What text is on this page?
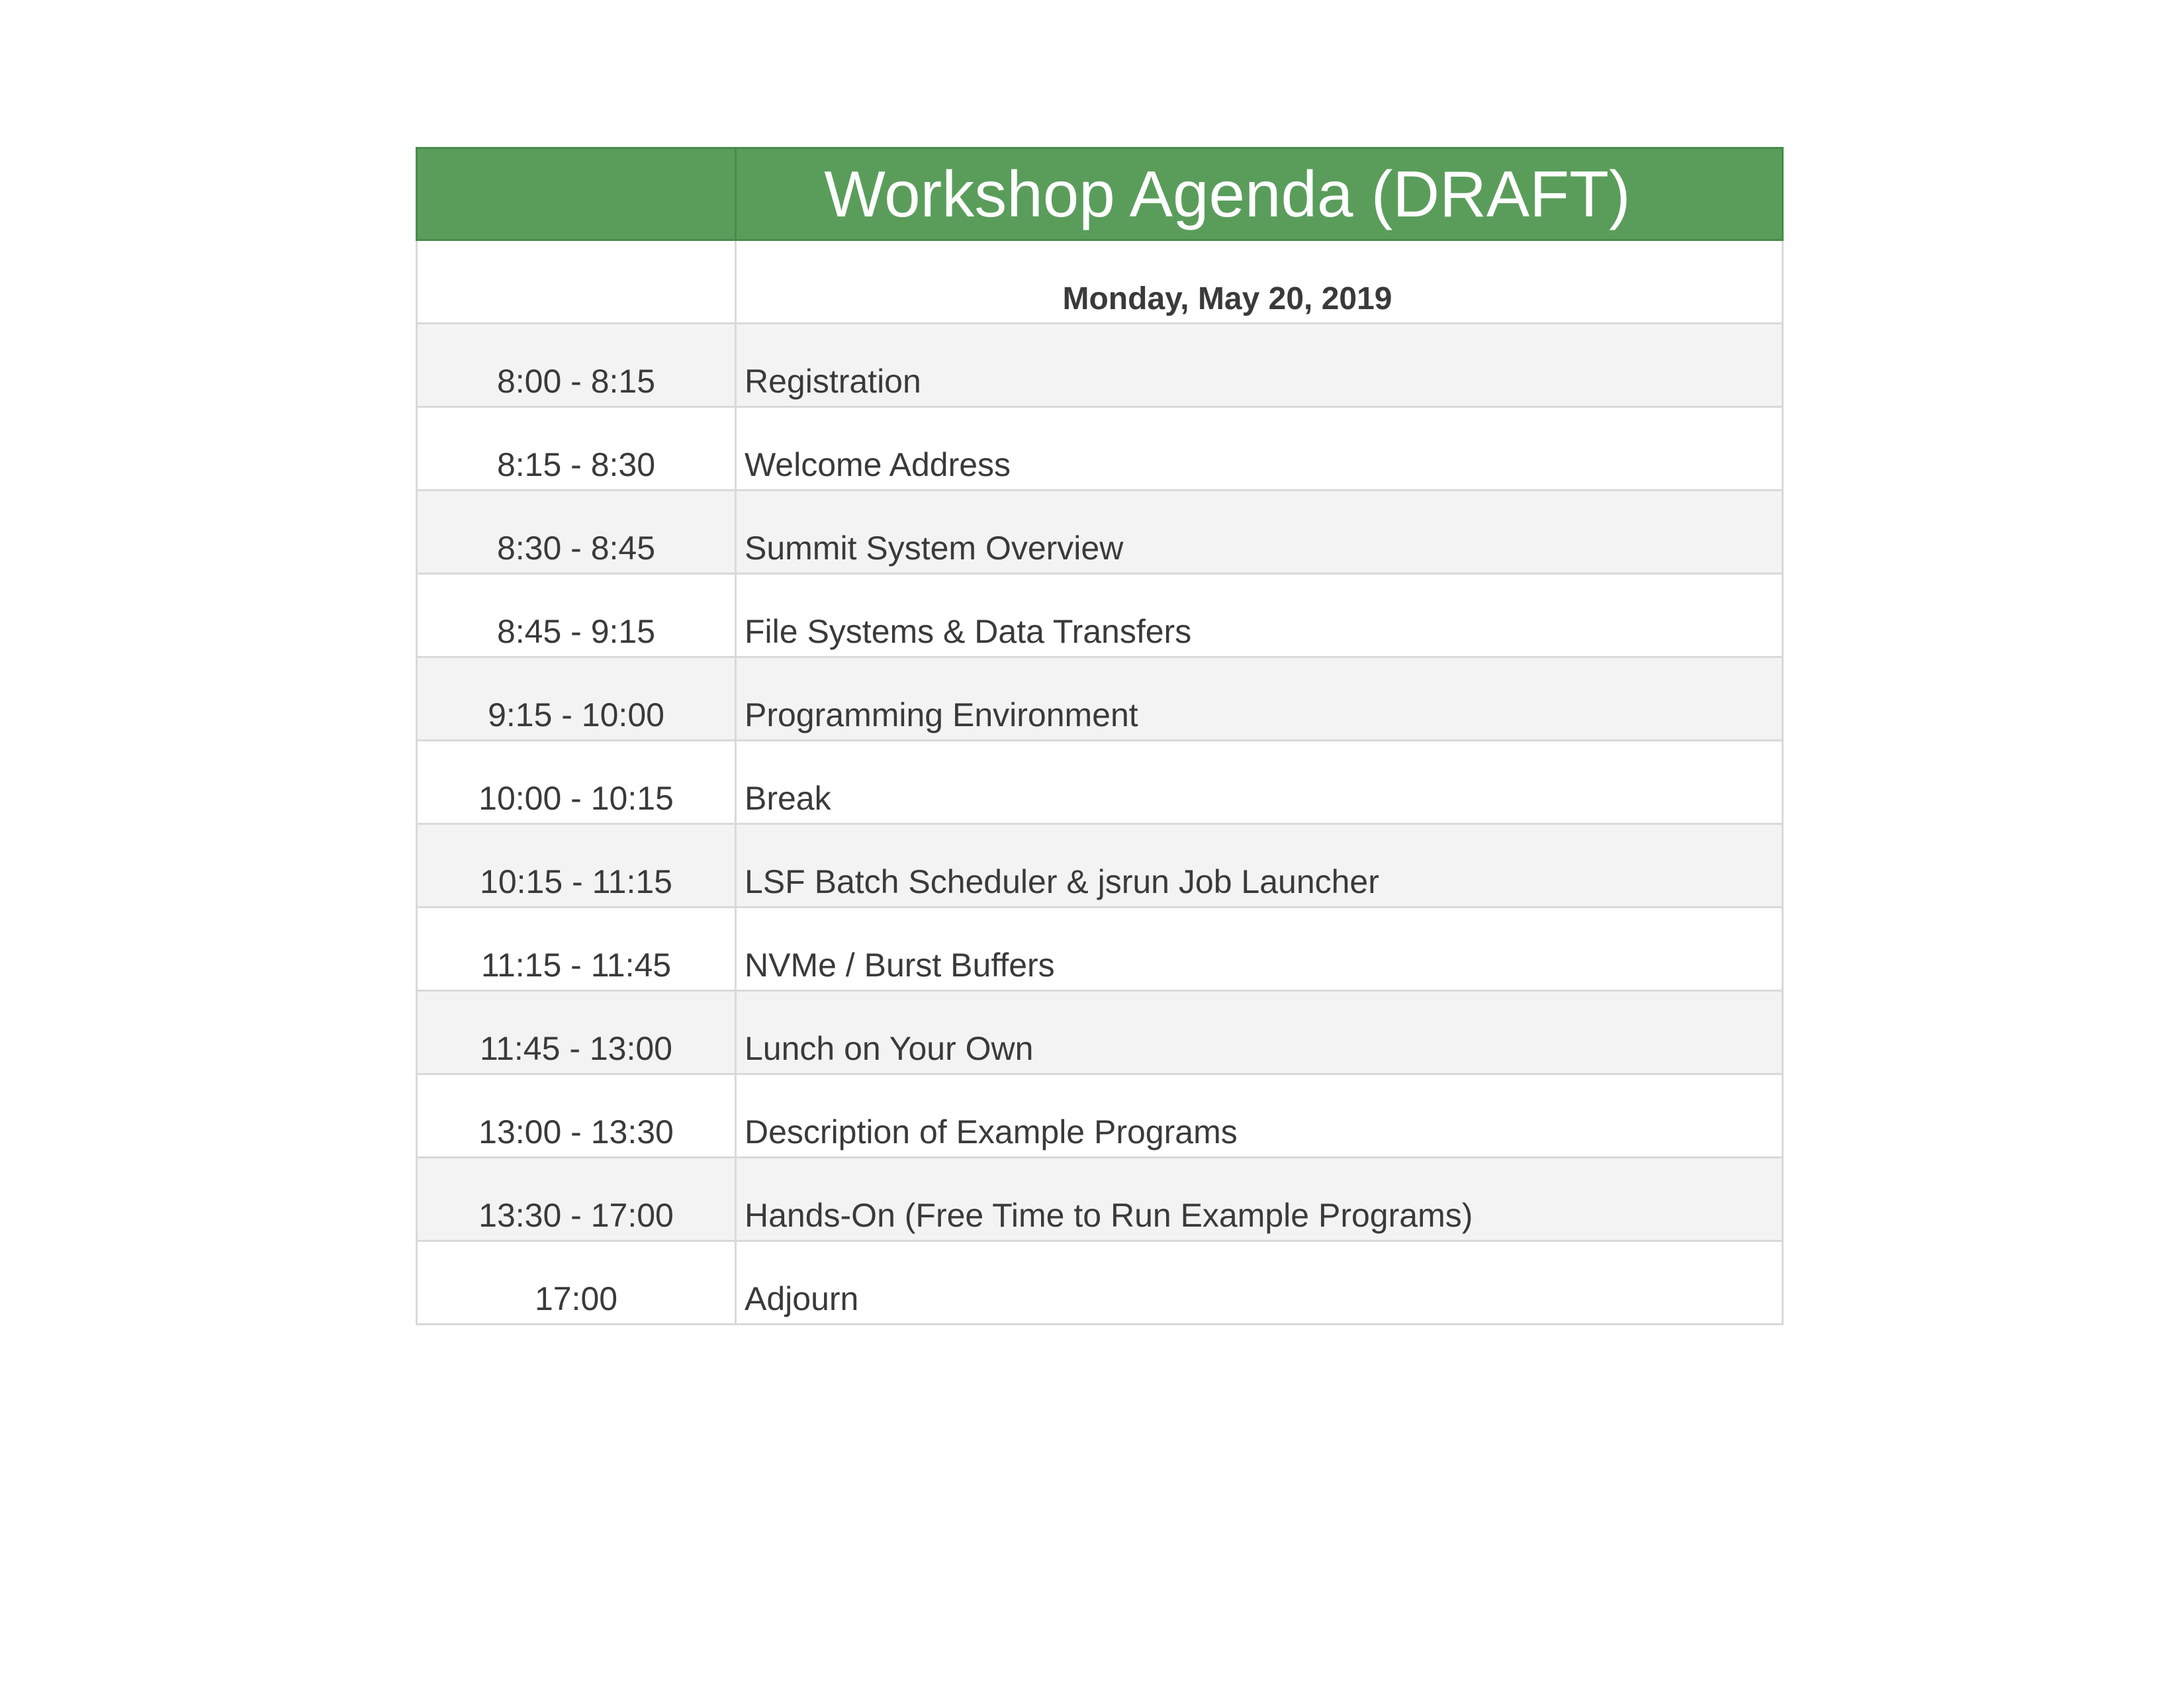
	Workshop Agenda (DRAFT)

	Monday, May 20, 2019

8:00 - 8:15	Registration
8:15 - 8:30	Welcome Address
8:30 - 8:45	Summit System Overview
8:45 - 9:15	File Systems & Data Transfers
9:15 - 10:00	Programming Environment
10:00 - 10:15	Break
10:15 - 11:15	LSF Batch Scheduler & jsrun Job Launcher
11:15 - 11:45	NVMe / Burst Buffers
11:45 - 13:00	Lunch on Your Own
13:00 - 13:30	Description of Example Programs
13:30 - 17:00	Hands-On (Free Time to Run Example Programs)
17:00	Adjourn
